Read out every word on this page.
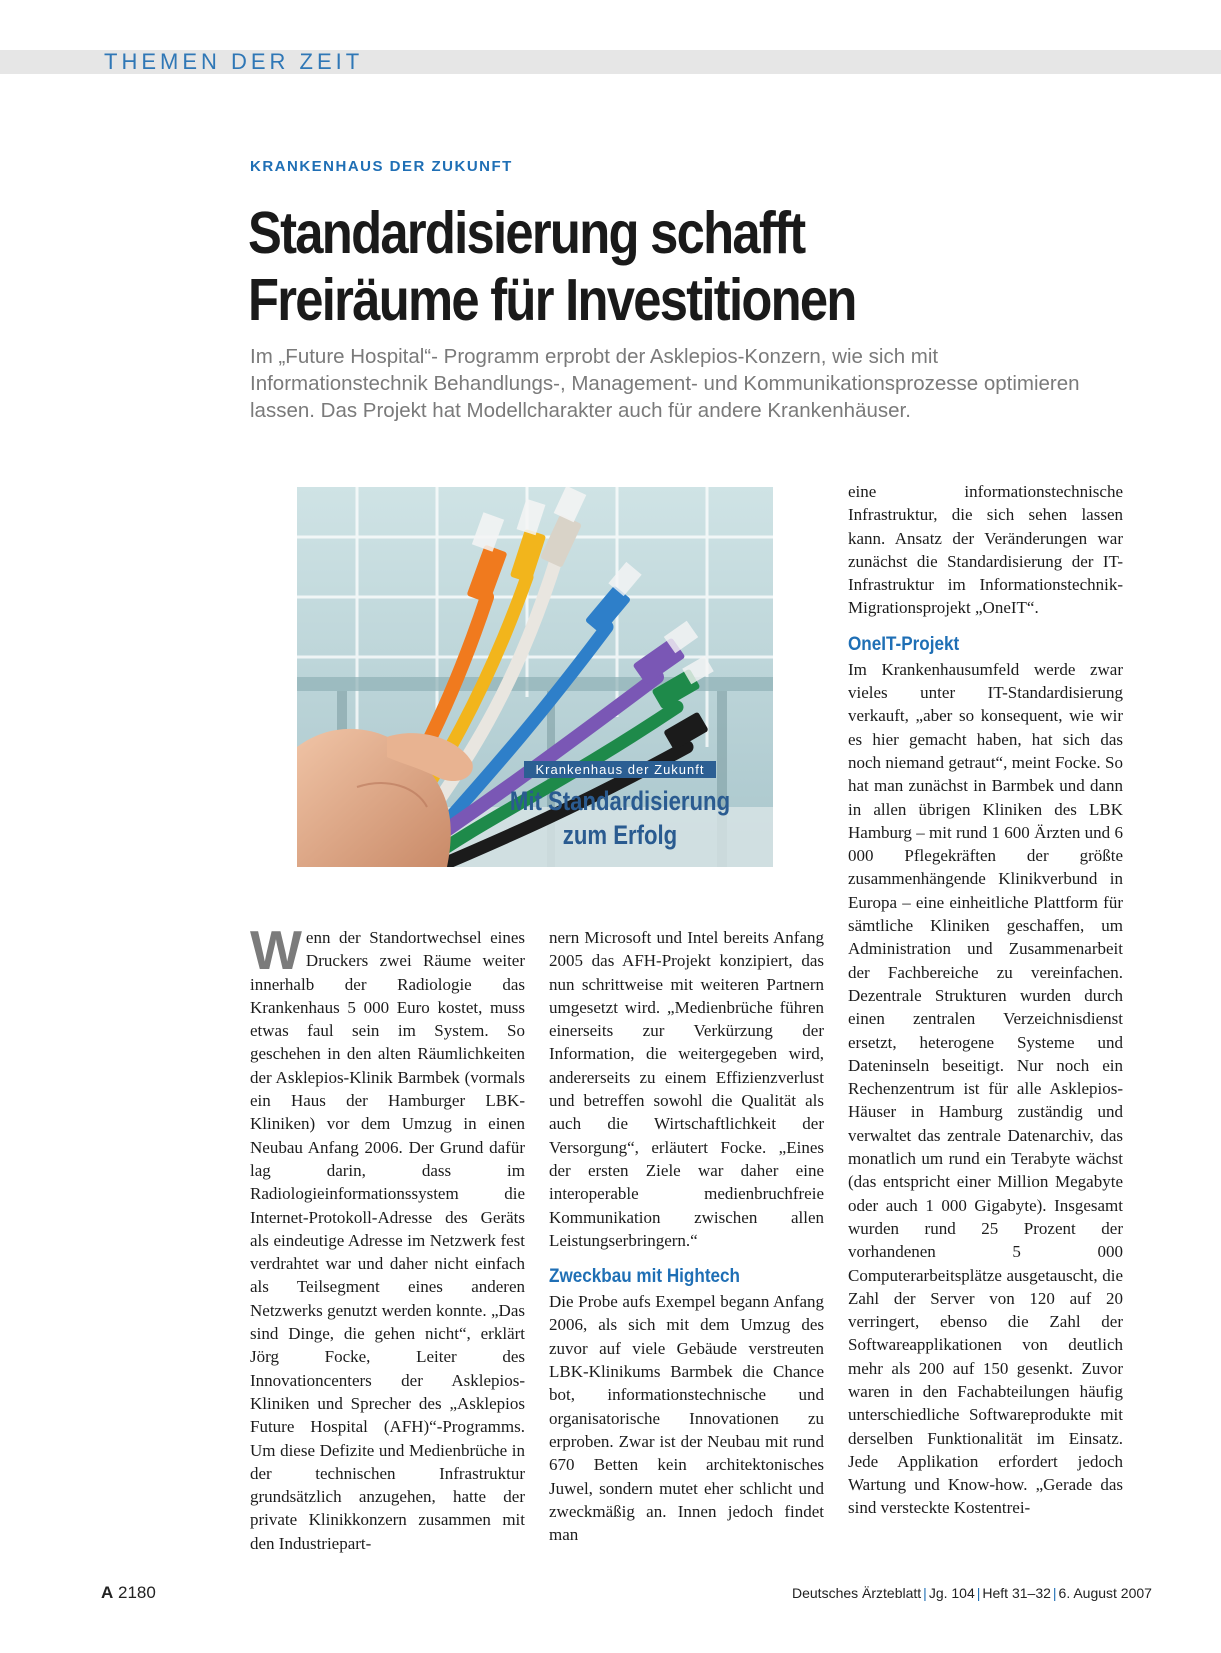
THEMEN DER ZEIT
KRANKENHAUS DER ZUKUNFT
Standardisierung schafft
Freiräume für Investitionen
Im „Future Hospital“- Programm erprobt der Asklepios-Konzern, wie sich mit Informationstechnik Behandlungs-, Management- und Kommunikationsprozesse optimieren lassen. Das Projekt hat Modellcharakter auch für andere Krankenhäuser.
Krankenhaus der Zukunft
Mit Standardisierung
zum Erfolg

Wenn der Standortwechsel eines Druckers zwei Räume weiter innerhalb der Radiologie das Krankenhaus 5 000 Euro kostet, muss etwas faul sein im System. So geschehen in den alten Räumlichkeiten der Asklepios-Klinik Barmbek (vormals ein Haus der Hamburger LBK-Kliniken) vor dem Umzug in einen Neubau Anfang 2006. Der Grund dafür lag darin, dass im Radiologieinformationssystem die Internet-Protokoll-Adresse des Geräts als eindeutige Adresse im Netzwerk fest verdrahtet war und daher nicht einfach als Teilsegment eines anderen Netzwerks genutzt werden konnte. „Das sind Dinge, die gehen nicht“, erklärt Jörg Focke, Leiter des Innovationcenters der Asklepios-Kliniken und Sprecher des „Asklepios Future Hospital (AFH)“-Programms. Um diese Defizite und Medienbrüche in der technischen Infrastruktur grundsätzlich anzugehen, hatte der private Klinikkonzern zusammen mit den Industriepart-

nern Microsoft und Intel bereits Anfang 2005 das AFH-Projekt konzipiert, das nun schrittweise mit weiteren Partnern umgesetzt wird. „Medienbrüche führen einerseits zur Verkürzung der Information, die weitergegeben wird, andererseits zu einem Effizienzverlust und betreffen sowohl die Qualität als auch die Wirtschaftlichkeit der Versorgung“, erläutert Focke. „Eines der ersten Ziele war daher eine interoperable medienbruchfreie Kommunikation zwischen allen Leistungserbringern.“

Zweckbau mit Hightech

Die Probe aufs Exempel begann Anfang 2006, als sich mit dem Umzug des zuvor auf viele Gebäude verstreuten LBK-Klinikums Barmbek die Chance bot, informationstechnische und organisatorische Innovationen zu erproben. Zwar ist der Neubau mit rund 670 Betten kein architektonisches Juwel, sondern mutet eher schlicht und zweckmäßig an. Innen jedoch findet man

eine informationstechnische Infrastruktur, die sich sehen lassen kann. Ansatz der Veränderungen war zunächst die Standardisierung der IT-Infrastruktur im Informationstechnik-Migrationsprojekt „OneIT“.

OneIT-Projekt

Im Krankenhausumfeld werde zwar vieles unter IT-Standardisierung verkauft, „aber so konsequent, wie wir es hier gemacht haben, hat sich das noch niemand getraut“, meint Focke. So hat man zunächst in Barmbek und dann in allen übrigen Kliniken des LBK Hamburg – mit rund 1 600 Ärzten und 6 000 Pflegekräften der größte zusammenhängende Klinikverbund in Europa – eine einheitliche Plattform für sämtliche Kliniken geschaffen, um Administration und Zusammenarbeit der Fachbereiche zu vereinfachen. Dezentrale Strukturen wurden durch einen zentralen Verzeichnisdienst ersetzt, heterogene Systeme und Dateninseln beseitigt. Nur noch ein Rechenzentrum ist für alle Asklepios-Häuser in Hamburg zuständig und verwaltet das zentrale Datenarchiv, das monatlich um rund ein Terabyte wächst (das entspricht einer Million Megabyte oder auch 1 000 Gigabyte). Insgesamt wurden rund 25 Prozent der vorhandenen 5 000 Computerarbeitsplätze ausgetauscht, die Zahl der Server von 120 auf 20 verringert, ebenso die Zahl der Softwareapplikationen von deutlich mehr als 200 auf 150 gesenkt. Zuvor waren in den Fachabteilungen häufig unterschiedliche Softwareprodukte mit derselben Funktionalität im Einsatz. Jede Applikation erfordert jedoch Wartung und Know-how. „Gerade das sind versteckte Kostentrei-

A 2180	Deutsches Ärzteblatt | Jg. 104 | Heft 31–32 | 6. August 2007
